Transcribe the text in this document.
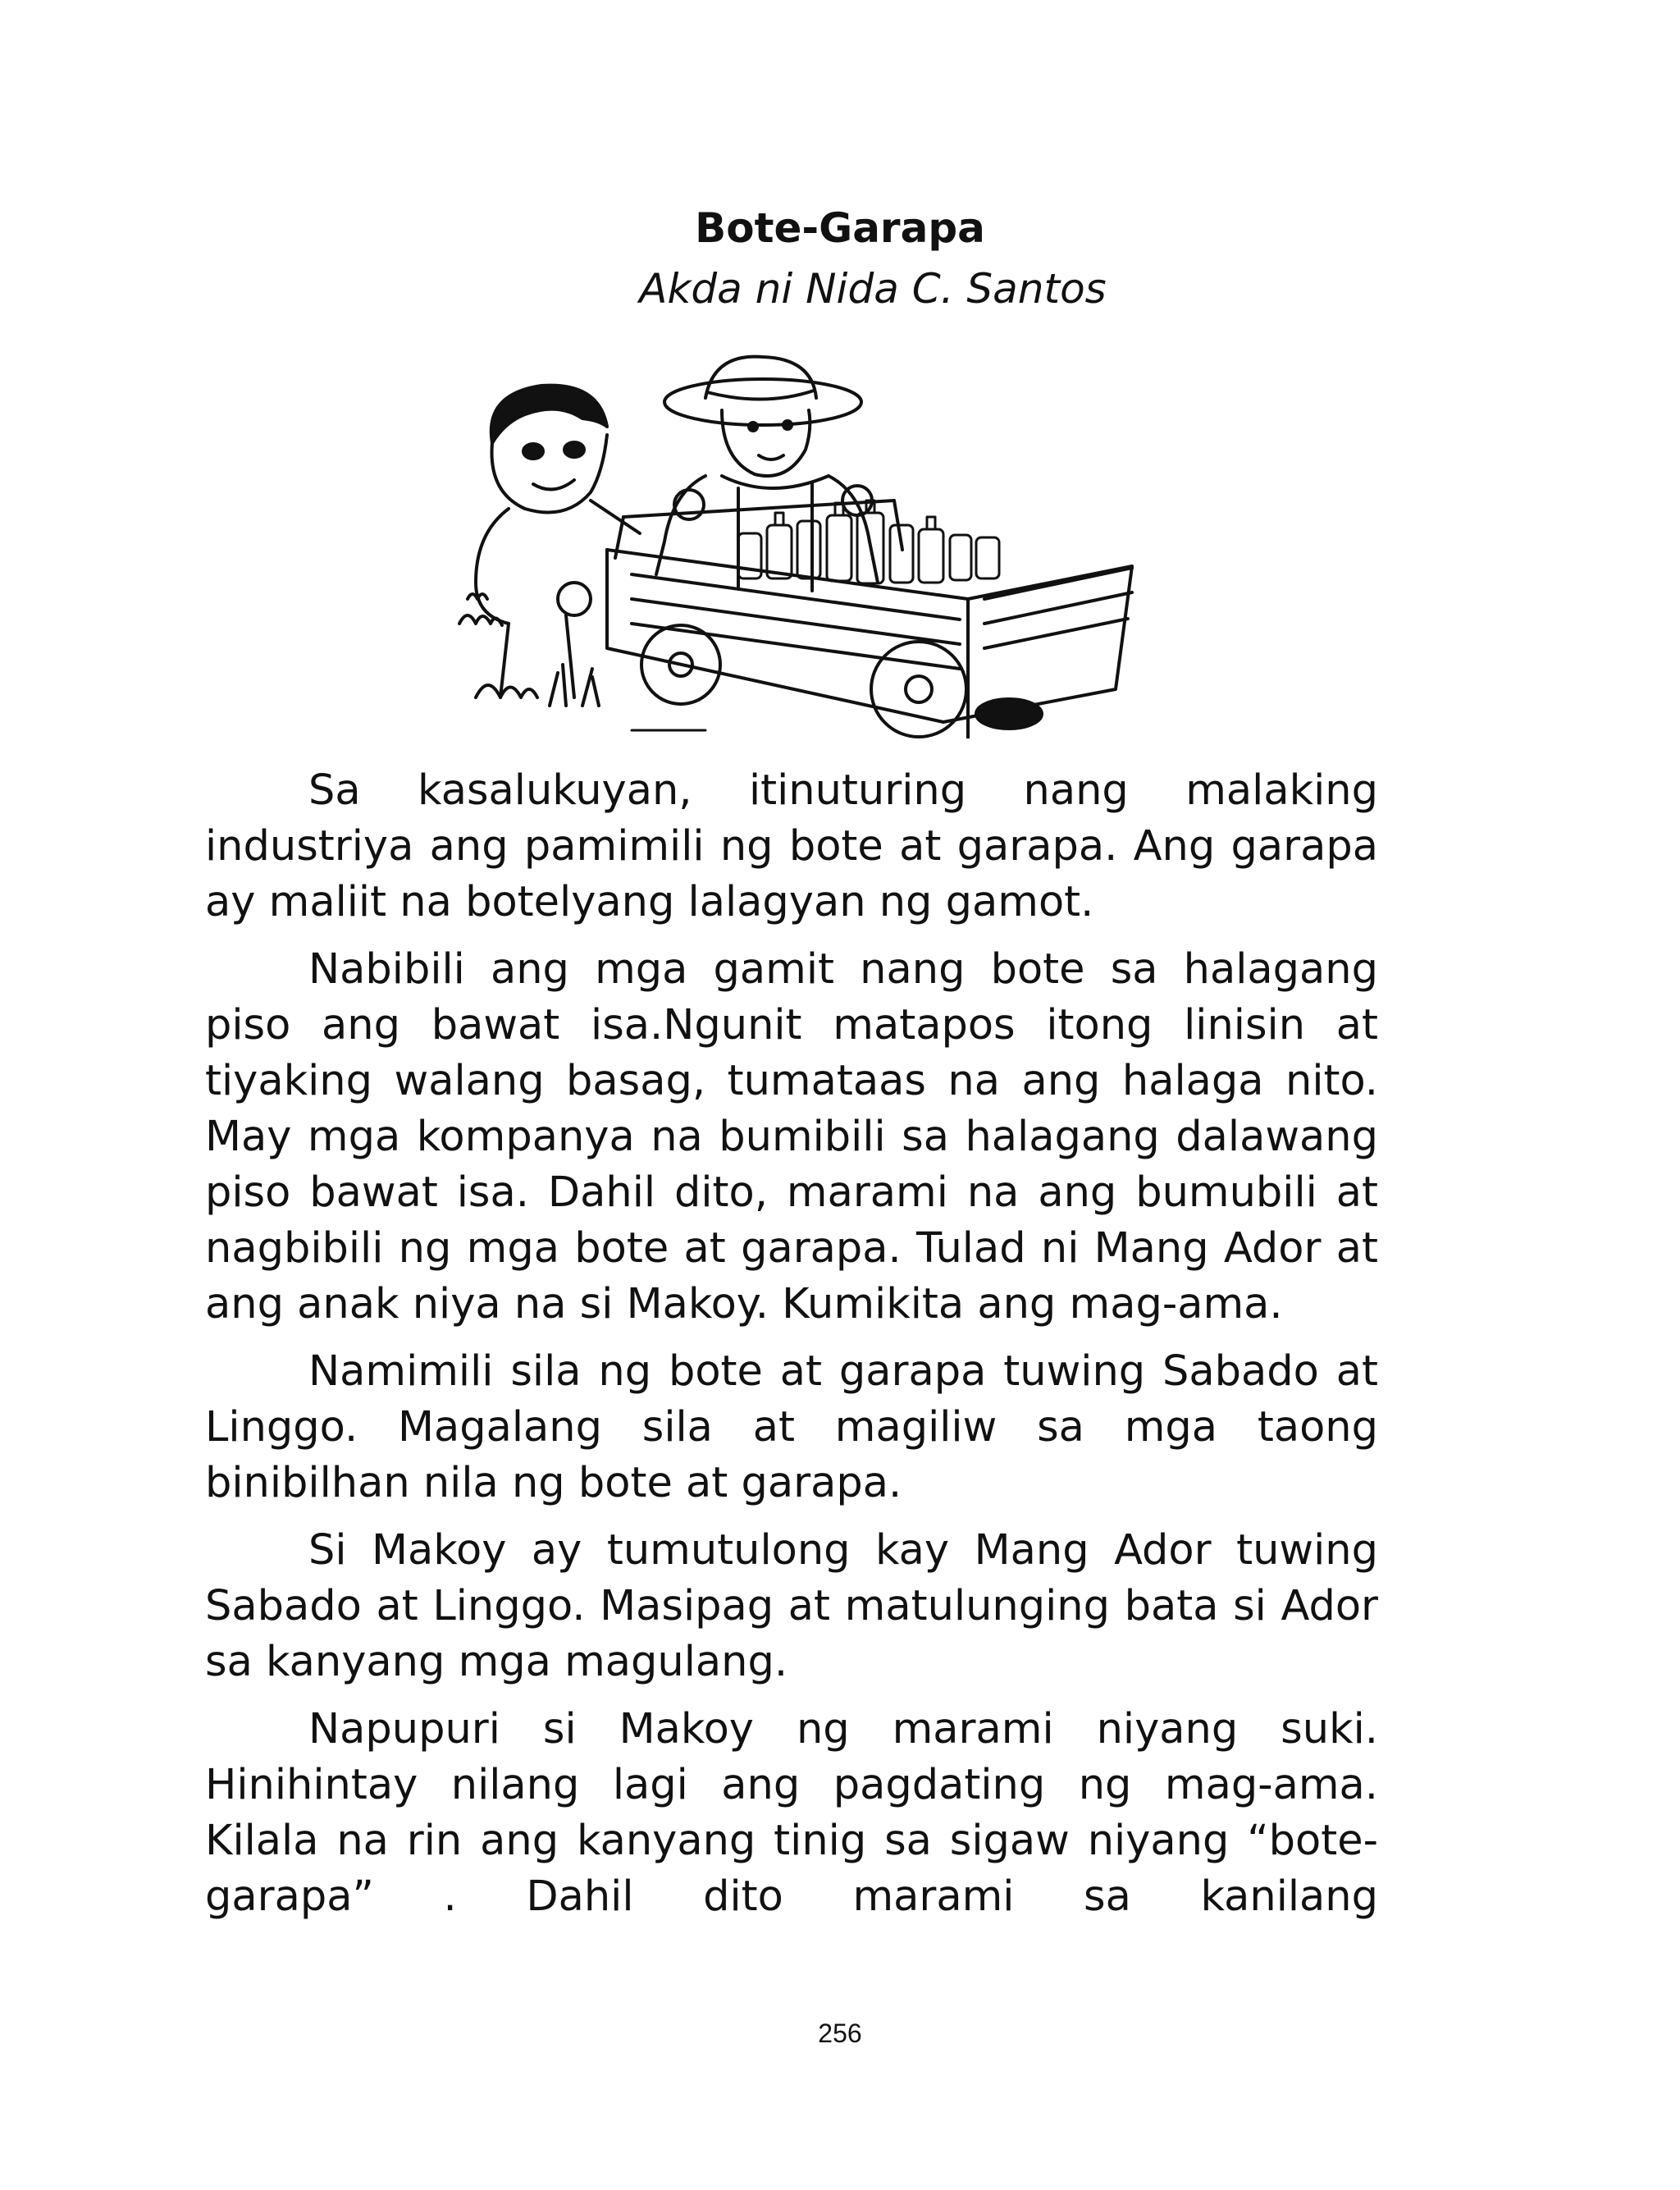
Bote-Garapa
Akda ni Nida C. Santos

Sa kasalukuyan, itinuturing nang malaking industriya ang pamimili ng bote at garapa. Ang garapa ay maliit na botelyang lalagyan ng gamot.

Nabibili ang mga gamit nang bote sa halagang piso ang bawat isa.Ngunit matapos itong linisin at tiyaking walang basag, tumataas na ang halaga nito. May mga kompanya na bumibili sa halagang dalawang piso bawat isa. Dahil dito, marami na ang bumubili at nagbibili ng mga bote at garapa. Tulad ni Mang Ador at ang anak niya na si Makoy. Kumikita ang mag-ama.

Namimili sila ng bote at garapa tuwing Sabado at Linggo. Magalang sila at magiliw sa mga taong binibilhan nila ng bote at garapa.

Si Makoy ay tumutulong kay Mang Ador tuwing Sabado at Linggo. Masipag at matulunging bata si Ador sa kanyang mga magulang.

Napupuri si Makoy ng marami niyang suki. Hinihintay nilang lagi ang pagdating ng mag-ama. Kilala na rin ang kanyang tinig sa sigaw niyang “bote- garapa” . Dahil dito marami sa kanilang

256
